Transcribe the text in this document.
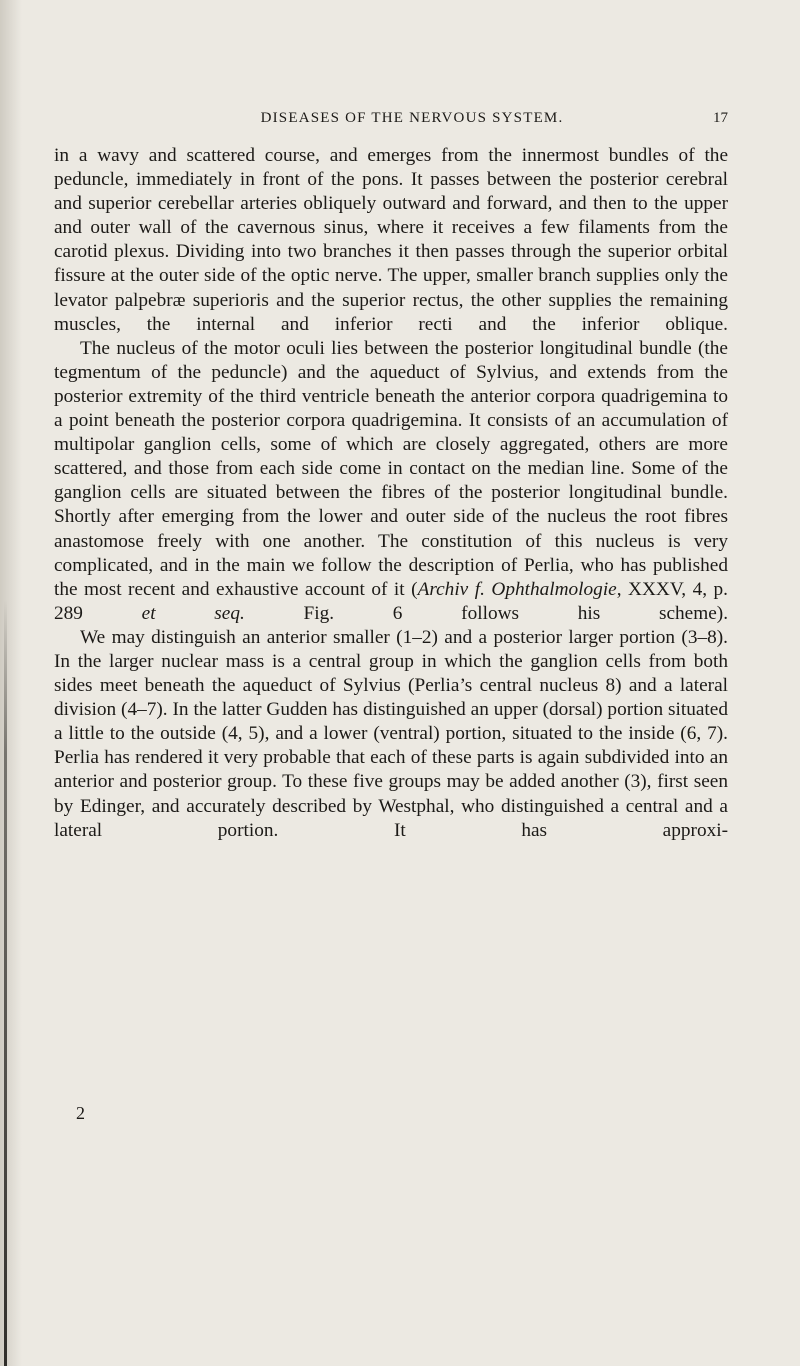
DISEASES OF THE NERVOUS SYSTEM.	17

in a wavy and scattered course, and emerges from the innermost bundles of the peduncle, immediately in front of the pons. It passes between the posterior cerebral and superior cerebellar arteries obliquely outward and forward, and then to the upper and outer wall of the cavernous sinus, where it receives a few filaments from the carotid plexus. Dividing into two branches it then passes through the superior orbital fissure at the outer side of the optic nerve. The upper, smaller branch supplies only the levator palpebræ superioris and the superior rectus, the other supplies the remaining muscles, the internal and inferior recti and the inferior oblique.

The nucleus of the motor oculi lies between the posterior longitudinal bundle (the tegmentum of the peduncle) and the aqueduct of Sylvius, and extends from the posterior extremity of the third ventricle beneath the anterior corpora quadrigemina to a point beneath the posterior corpora quadrigemina. It consists of an accumulation of multipolar ganglion cells, some of which are closely aggregated, others are more scattered, and those from each side come in contact on the median line. Some of the ganglion cells are situated between the fibres of the posterior longitudinal bundle. Shortly after emerging from the lower and outer side of the nucleus the root fibres anastomose freely with one another. The constitution of this nucleus is very complicated, and in the main we follow the description of Perlia, who has published the most recent and exhaustive account of it (Archiv f. Ophthalmologie, XXXV, 4, p. 289 et seq. Fig. 6 follows his scheme).

We may distinguish an anterior smaller (1–2) and a posterior larger portion (3–8). In the larger nuclear mass is a central group in which the ganglion cells from both sides meet beneath the aqueduct of Sylvius (Perlia’s central nucleus 8) and a lateral division (4–7). In the latter Gudden has distinguished an upper (dorsal) portion situated a little to the outside (4, 5), and a lower (ventral) portion, situated to the inside (6, 7). Perlia has rendered it very probable that each of these parts is again subdivided into an anterior and posterior group. To these five groups may be added another (3), first seen by Edinger, and accurately described by Westphal, who distinguished a central and a lateral portion. It has approxi-

2
